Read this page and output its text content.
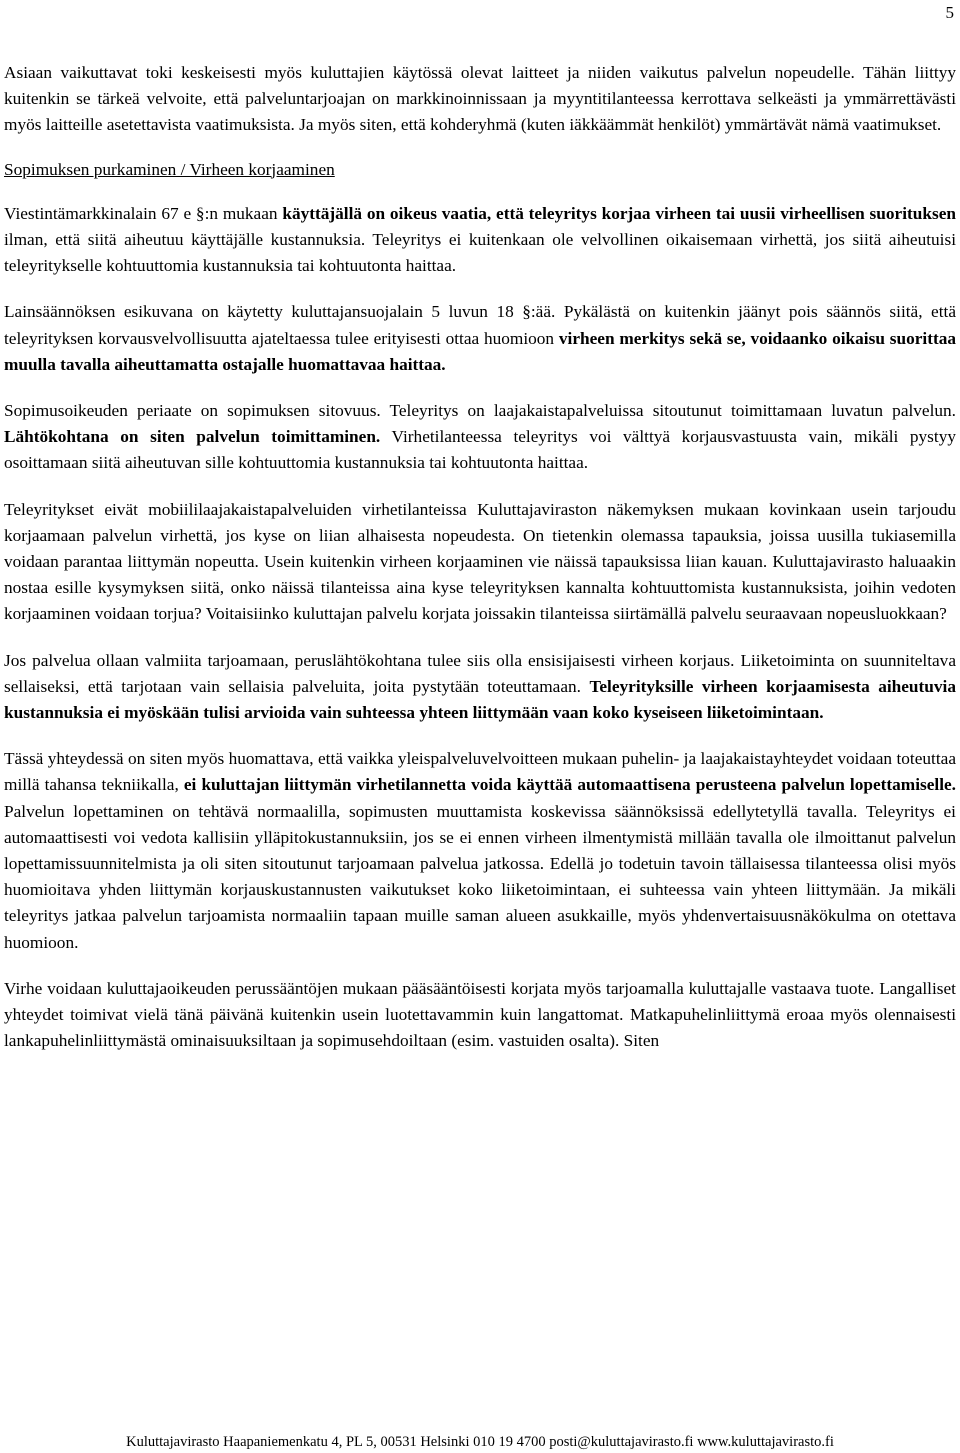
5

Asiaan vaikuttavat toki keskeisesti myös kuluttajien käytössä olevat laitteet ja niiden vaikutus palvelun nopeudelle. Tähän liittyy kuitenkin se tärkeä velvoite, että palveluntarjoajan on markkinoinnissaan ja myyntitilanteessa kerrottava selkeästi ja ymmärrettävästi myös laitteille asetettavista vaatimuksista. Ja myös siten, että kohderyhmä (kuten iäkkäämmät henkilöt) ymmärtävät nämä vaatimukset.

Sopimuksen purkaminen / Virheen korjaaminen

Viestintämarkkinalain 67 e §:n mukaan käyttäjällä on oikeus vaatia, että teleyritys korjaa virheen tai uusii virheellisen suorituksen ilman, että siitä aiheutuu käyttäjälle kustannuksia. Teleyritys ei kuitenkaan ole velvollinen oikaisemaan virhettä, jos siitä aiheutuisi teleyritykselle kohtuuttomia kustannuksia tai kohtuutonta haittaa.

Lainsäännöksen esikuvana on käytetty kuluttajansuojalain 5 luvun 18 §:ää. Pykälästä on kuitenkin jäänyt pois säännös siitä, että teleyrityksen korvausvelvollisuutta ajateltaessa tulee erityisesti ottaa huomioon virheen merkitys sekä se, voidaanko oikaisu suorittaa muulla tavalla aiheuttamatta ostajalle huomattavaa haittaa.

Sopimusoikeuden periaate on sopimuksen sitovuus. Teleyritys on laajakaistapalveluissa sitoutunut toimittamaan luvatun palvelun. Lähtökohtana on siten palvelun toimittaminen. Virhetilanteessa teleyritys voi välttyä korjausvastuusta vain, mikäli pystyy osoittamaan siitä aiheutuvan sille kohtuuttomia kustannuksia tai kohtuutonta haittaa.

Teleyritykset eivät mobiililaajakaistapalveluiden virhetilanteissa Kuluttajaviraston näkemyksen mukaan kovinkaan usein tarjoudu korjaamaan palvelun virhettä, jos kyse on liian alhaisesta nopeudesta. On tietenkin olemassa tapauksia, joissa uusilla tukiasemilla voidaan parantaa liittymän nopeutta. Usein kuitenkin virheen korjaaminen vie näissä tapauksissa liian kauan. Kuluttajavirasto haluaakin nostaa esille kysymyksen siitä, onko näissä tilanteissa aina kyse teleyrityksen kannalta kohtuuttomista kustannuksista, joihin vedoten korjaaminen voidaan torjua? Voitaisiinko kuluttajan palvelu korjata joissakin tilanteissa siirtämällä palvelu seuraavaan nopeusluokkaan?

Jos palvelua ollaan valmiita tarjoamaan, peruslähtökohtana tulee siis olla ensisijaisesti virheen korjaus. Liiketoiminta on suunniteltava sellaiseksi, että tarjotaan vain sellaisia palveluita, joita pystytään toteuttamaan. Teleyrityksille virheen korjaamisesta aiheutuvia kustannuksia ei myöskään tulisi arvioida vain suhteessa yhteen liittymään vaan koko kyseiseen liiketoimintaan.

Tässä yhteydessä on siten myös huomattava, että vaikka yleispalveluvelvoitteen mukaan puhelin- ja laajakaistayhteydet voidaan toteuttaa millä tahansa tekniikalla, ei kuluttajan liittymän virhetilannetta voida käyttää automaattisena perusteena palvelun lopettamiselle. Palvelun lopettaminen on tehtävä normaalilla, sopimusten muuttamista koskevissa säännöksissä edellytetyllä tavalla. Teleyritys ei automaattisesti voi vedota kallisiin ylläpitokustannuksiin, jos se ei ennen virheen ilmentymistä millään tavalla ole ilmoittanut palvelun lopettamissuunnitelmista ja oli siten sitoutunut tarjoamaan palvelua jatkossa. Edellä jo todetuin tavoin tällaisessa tilanteessa olisi myös huomioitava yhden liittymän korjauskustannusten vaikutukset koko liiketoimintaan, ei suhteessa vain yhteen liittymään. Ja mikäli teleyritys jatkaa palvelun tarjoamista normaaliin tapaan muille saman alueen asukkaille, myös yhdenvertaisuusnäkökulma on otettava huomioon.

Virhe voidaan kuluttajaoikeuden perussääntöjen mukaan pääsääntöisesti korjata myös tarjoamalla kuluttajalle vastaava tuote. Langalliset yhteydet toimivat vielä tänä päivänä kuitenkin usein luotettavammin kuin langattomat. Matkapuhelinliittymä eroaa myös olennaisesti lankapuhelinliittymästä ominaisuuksiltaan ja sopimusehdoiltaan (esim. vastuiden osalta). Siten

Kuluttajavirasto Haapaniemenkatu 4, PL 5, 00531 Helsinki 010 19 4700 posti@kuluttajavirasto.fi www.kuluttajavirasto.fi
